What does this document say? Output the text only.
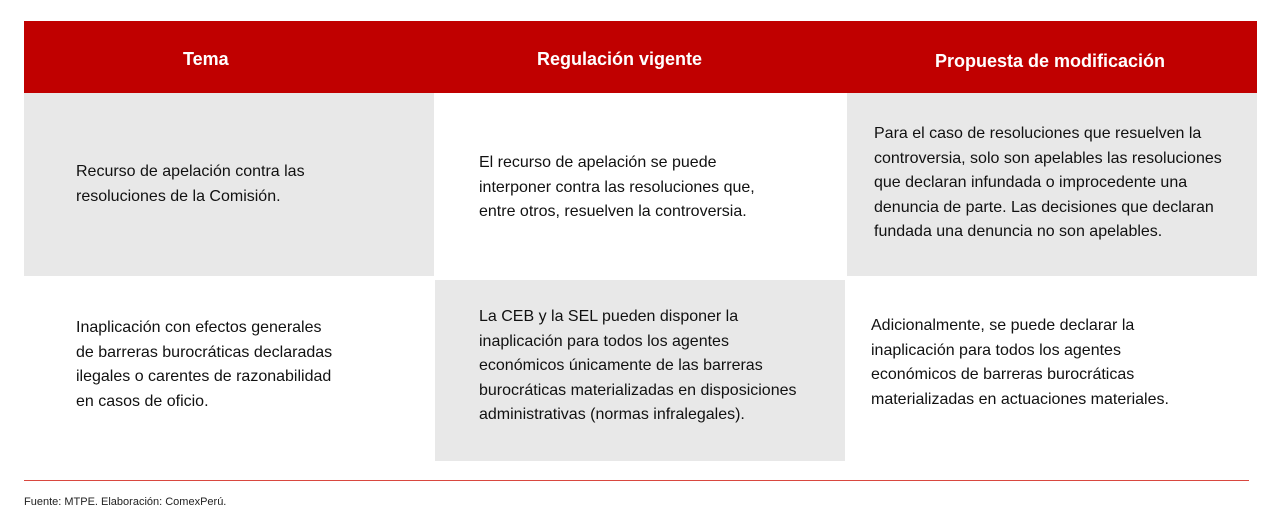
Tema	Regulación vigente	Propuesta de modificación
Recurso de apelación contra las
resoluciones de la Comisión.
El recurso de apelación se puede
interponer contra las resoluciones que,
entre otros, resuelven la controversia.
Para el caso de resoluciones que resuelven la
controversia, solo son apelables las resoluciones
que declaran infundada o improcedente una
denuncia de parte. Las decisiones que declaran
fundada una denuncia no son apelables.
Inaplicación con efectos generales
de barreras burocráticas declaradas
ilegales o carentes de razonabilidad
en casos de oficio.
La CEB y la SEL pueden disponer la
inaplicación para todos los agentes
económicos únicamente de las barreras
burocráticas materializadas en disposiciones
administrativas (normas infralegales).
Adicionalmente, se puede declarar la
inaplicación para todos los agentes
económicos de barreras burocráticas
materializadas en actuaciones materiales.
Fuente: MTPE. Elaboración: ComexPerú.
